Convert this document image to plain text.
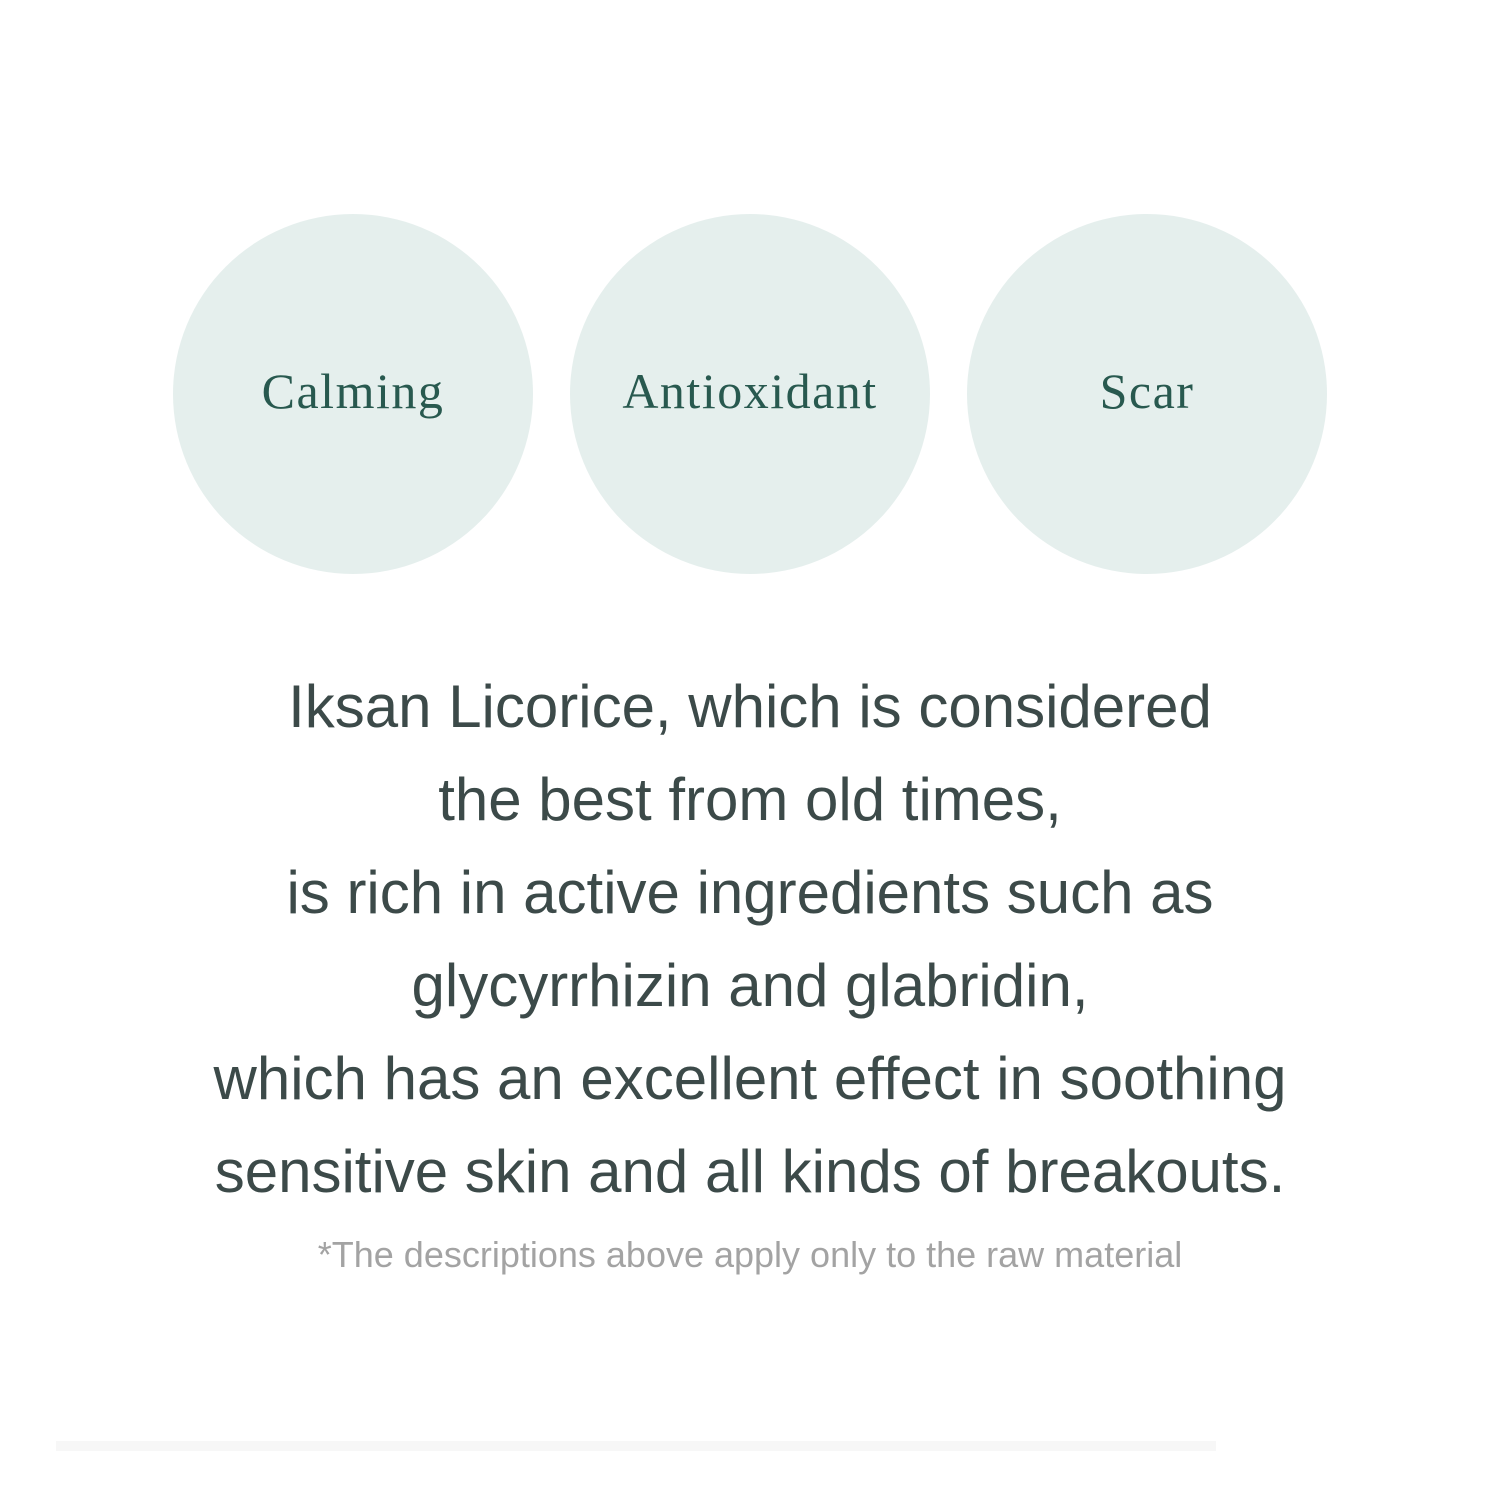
Calming	Antioxidant	Scar
Iksan Licorice, which is considered
the best from old times,
is rich in active ingredients such as
glycyrrhizin and glabridin,
which has an excellent effect in soothing
sensitive skin and all kinds of breakouts.
*The descriptions above apply only to the raw material
